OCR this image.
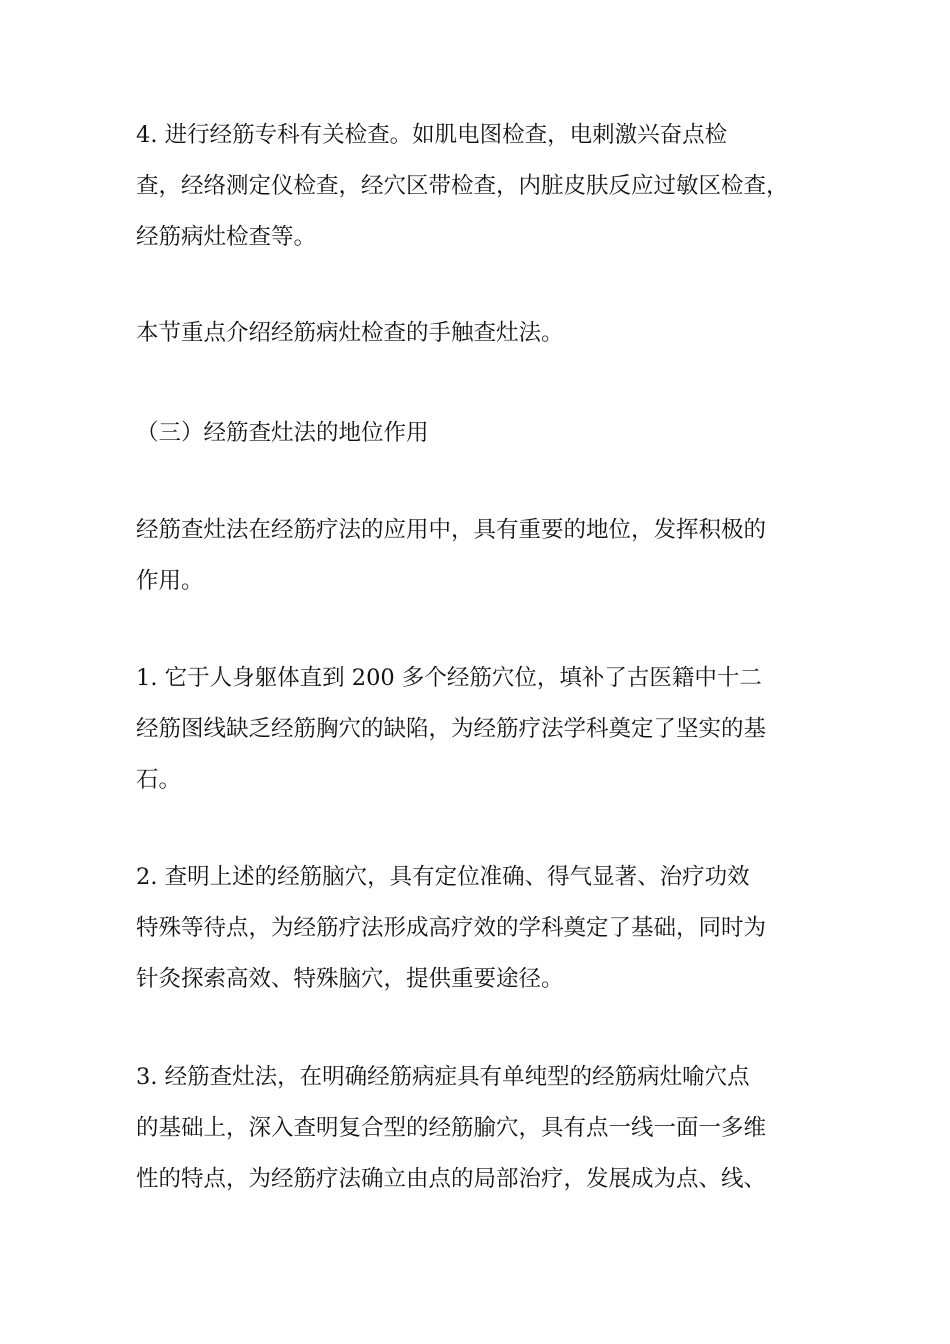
4. 进行经筋专科有关检查。如肌电图检查，电刺激兴奋点检
查，经络测定仪检查，经穴区带检查，内脏皮肤反应过敏区检查，
经筋病灶检查等。
本节重点介绍经筋病灶检查的手触查灶法。
（三）经筋查灶法的地位作用
经筋查灶法在经筋疗法的应用中，具有重要的地位，发挥积极的
作用。
1. 它于人身躯体直到 200 多个经筋穴位，填补了古医籍中十二
经筋图线缺乏经筋胸穴的缺陷，为经筋疗法学科奠定了坚实的基
石。
2. 查明上述的经筋脑穴，具有定位准确、得气显著、治疗功效
特殊等待点，为经筋疗法形成高疗效的学科奠定了基础，同时为
针灸探索高效、特殊脑穴，提供重要途径。
3. 经筋查灶法，在明确经筋病症具有单纯型的经筋病灶喻穴点
的基础上，深入查明复合型的经筋腧穴，具有点一线一面一多维
性的特点，为经筋疗法确立由点的局部治疗，发展成为点、线、
